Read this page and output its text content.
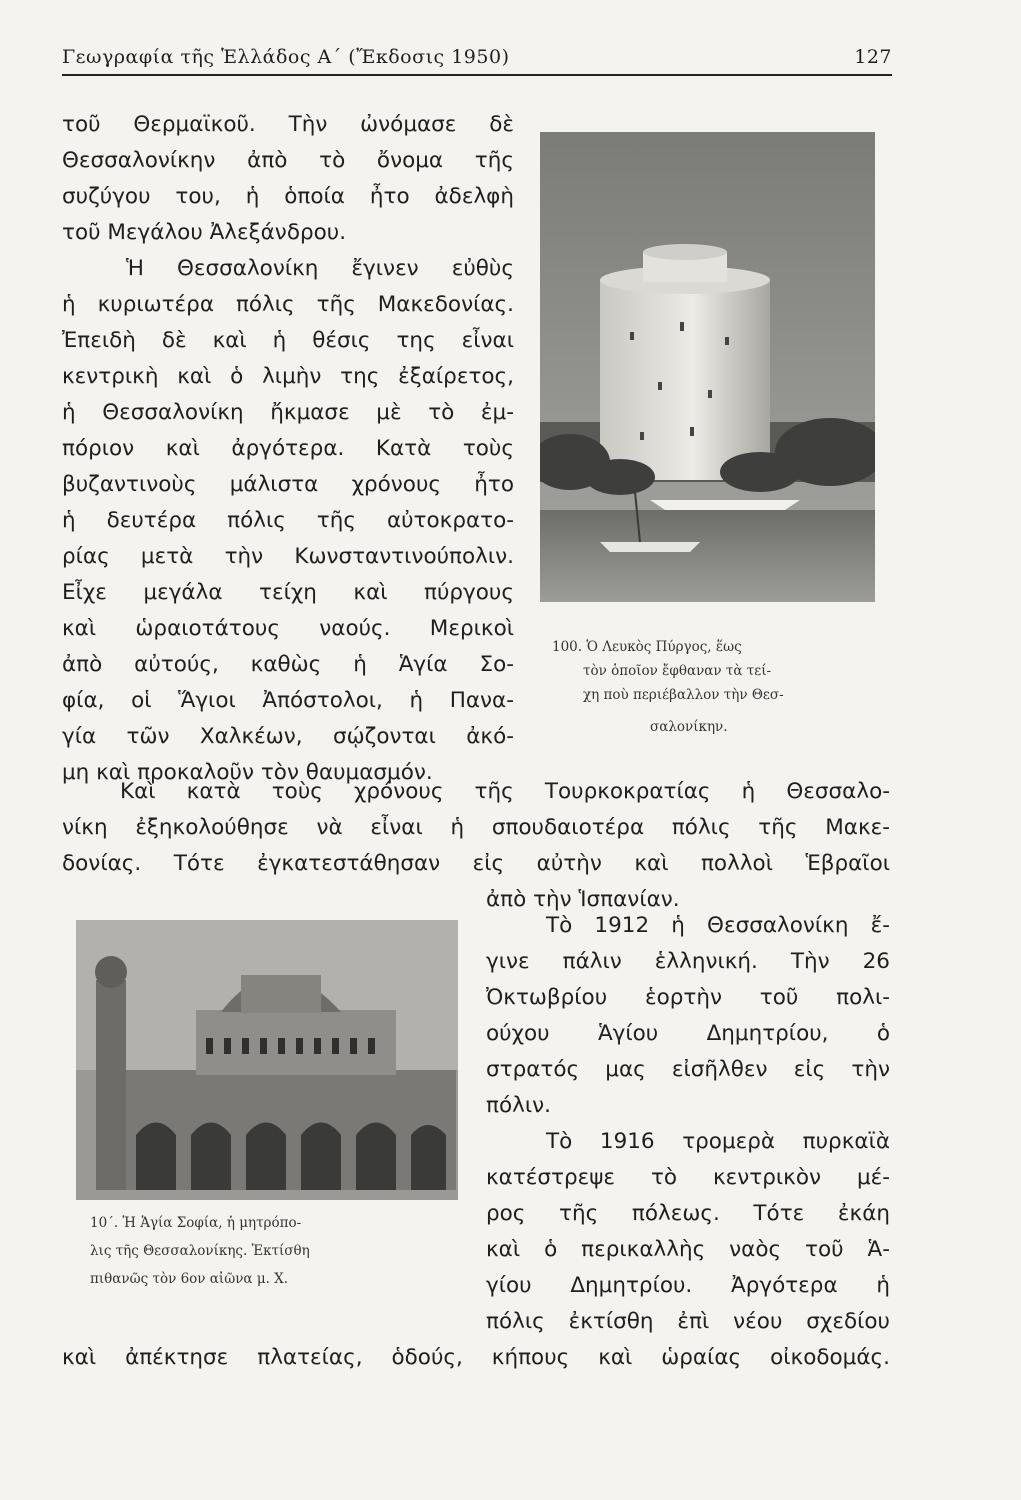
Γεωγραφία τῆς Ἑλλάδος Α΄ (Ἔκδοσις 1950)	127
τοῦ Θερμαϊκοῦ. Τὴν ὠνόμασε δὲ
Θεσσαλονίκην ἀπὸ τὸ ὄνομα τῆς
συζύγου του, ἡ ὁποία ἦτο ἀδελφὴ
τοῦ Μεγάλου Ἀλεξάνδρου.
Ἡ Θεσσαλονίκη ἔγινεν εὐθὺς
ἡ κυριωτέρα πόλις τῆς Μακεδονίας.
Ἐπειδὴ δὲ καὶ ἡ θέσις της εἶναι
κεντρικὴ καὶ ὁ λιμὴν της ἐξαίρετος,
ἡ Θεσσαλονίκη ἤκμασε μὲ τὸ ἐμ-
πόριον καὶ ἀργότερα. Κατὰ τοὺς
βυζαντινοὺς μάλιστα χρόνους ἦτο
ἡ δευτέρα πόλις τῆς αὐτοκρατο-
ρίας μετὰ τὴν Κωνσταντινούπολιν.
Εἶχε μεγάλα τείχη καὶ πύργους
καὶ ὡραιοτάτους ναούς. Μερικοὶ
ἀπὸ αὐτούς, καθὼς ἡ Ἁγία Σο-
φία, οἱ Ἅγιοι Ἀπόστολοι, ἡ Πανα-
γία τῶν Χαλκέων, σῴζονται ἀκό-
μη καὶ προκαλοῦν τὸν θαυμασμόν.
100. Ὁ Λευκὸς Πύργος, ἕως
τὸν ὁποῖον ἔφθαναν τὰ τεί-
χη ποὺ περιέβαλλον τὴν Θεσ-
σαλονίκην.
Καὶ κατὰ τοὺς χρόνους τῆς Τουρκοκρατίας ἡ Θεσσαλο-
νίκη ἐξηκολούθησε νὰ εἶναι ἡ σπουδαιοτέρα πόλις τῆς Μακε-
δονίας. Τότε ἐγκατεστάθησαν εἰς αὐτὴν καὶ πολλοὶ Ἑβραῖοι
10΄. Ἡ Ἁγία Σοφία, ἡ μητρόπο-
λις τῆς Θεσσαλονίκης. Ἐκτίσθη
πιθανῶς τὸν 6ον αἰῶνα μ. Χ.
ἀπὸ τὴν Ἱσπανίαν.
Τὸ 1912 ἡ Θεσσαλονίκη ἔ-
γινε πάλιν ἑλληνική. Τὴν 26
Ὀκτωβρίου ἑορτὴν τοῦ πολι-
ούχου Ἁγίου Δημητρίου, ὁ
στρατός μας εἰσῆλθεν εἰς τὴν
πόλιν.
Τὸ 1916 τρομερὰ πυρκαϊὰ
κατέστρεψε τὸ κεντρικὸν μέ-
ρος τῆς πόλεως. Τότε ἐκάη
καὶ ὁ περικαλλὴς ναὸς τοῦ Ἁ-
γίου Δημητρίου. Ἀργότερα ἡ
πόλις ἐκτίσθη ἐπὶ νέου σχεδίου
καὶ ἀπέκτησε πλατείας, ὁδούς, κήπους καὶ ὡραίας οἰκοδομάς.
